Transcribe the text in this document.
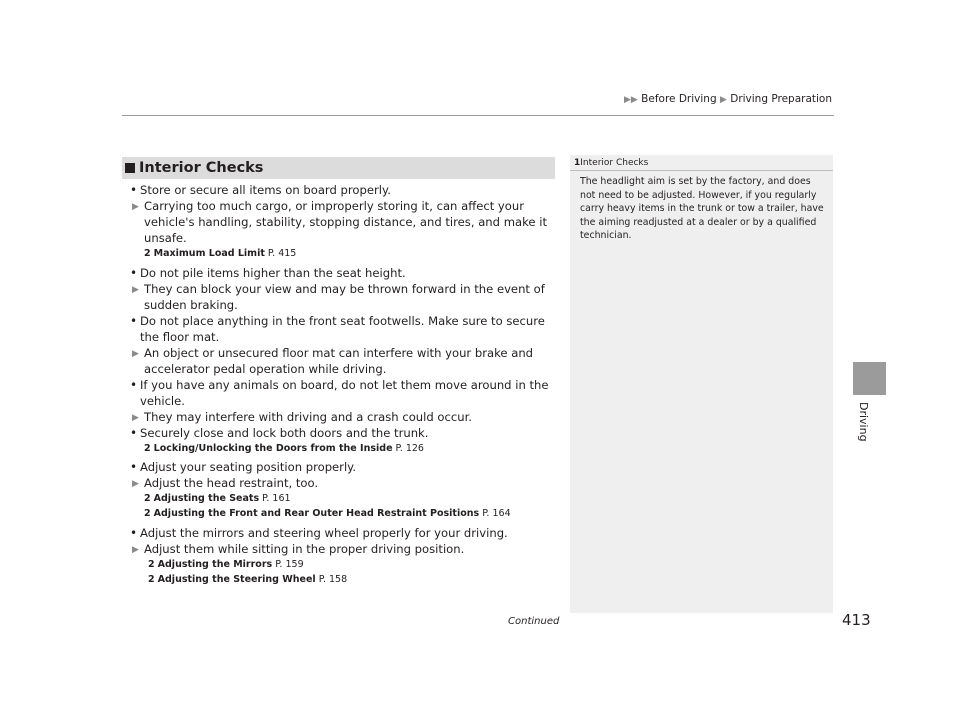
▶▶ Before Driving ▶ Driving Preparation
Driving
Interior Checks

• Store or secure all items on board properly.

▶ Carrying too much cargo, or improperly storing it, can affect your vehicle's handling, stability, stopping distance, and tires, and make it unsafe.
2 Maximum Load Limit P. 415

• Do not pile items higher than the seat height.

▶ They can block your view and may be thrown forward in the event of sudden braking.

• Do not place anything in the front seat footwells. Make sure to secure the floor mat.

▶ An object or unsecured floor mat can interfere with your brake and accelerator pedal operation while driving.

• If you have any animals on board, do not let them move around in the vehicle.

▶ They may interfere with driving and a crash could occur.

• Securely close and lock both doors and the trunk.

2 Locking/Unlocking the Doors from the Inside P. 126

• Adjust your seating position properly.

▶ Adjust the head restraint, too.
2 Adjusting the Seats P. 161
2 Adjusting the Front and Rear Outer Head Restraint Positions P. 164

• Adjust the mirrors and steering wheel properly for your driving.

▶ Adjust them while sitting in the proper driving position.
2 Adjusting the Mirrors P. 159
2 Adjusting the Steering Wheel P. 158
1Interior Checks
The headlight aim is set by the factory, and does not need to be adjusted. However, if you regularly carry heavy items in the trunk or tow a trailer, have the aiming readjusted at a dealer or by a qualified technician.
Continued	413
